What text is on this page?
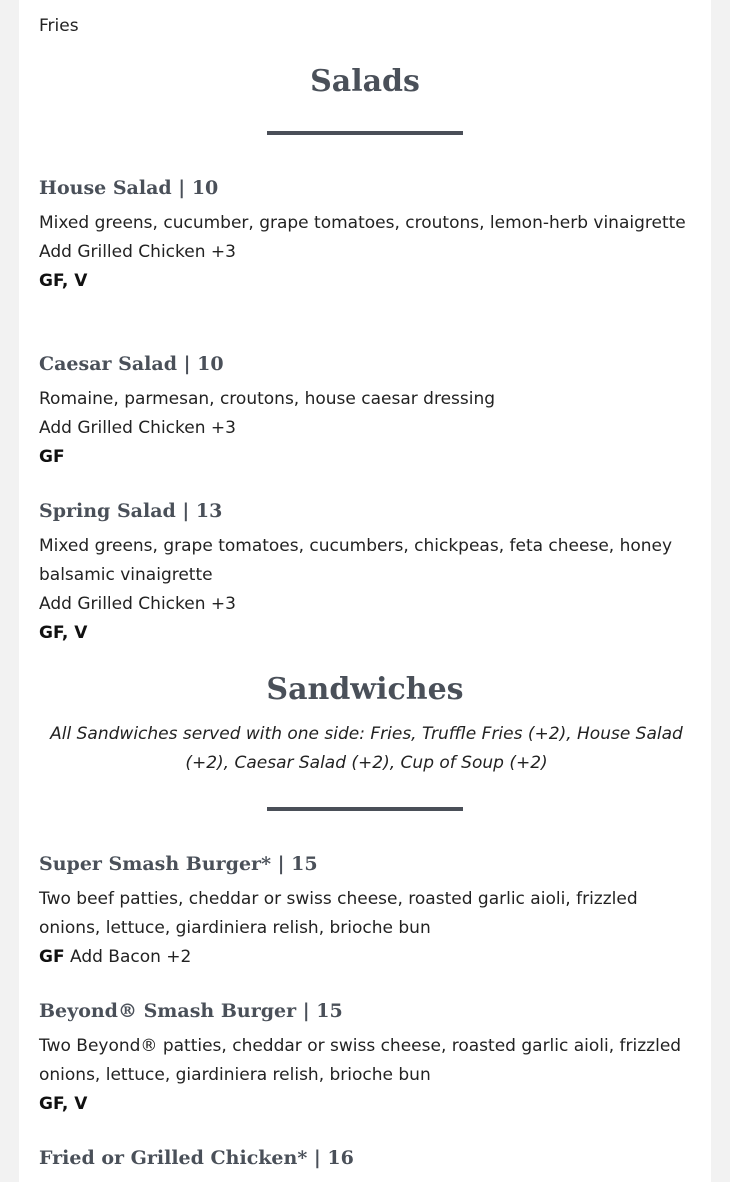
Fries

Salads
House Salad | 10

Mixed greens, cucumber, grape tomatoes, croutons, lemon-herb vinaigrette

Add Grilled Chicken +3

GF, V

Caesar Salad | 10

Romaine, parmesan, croutons, house caesar dressing

Add Grilled Chicken +3

GF

Spring Salad | 13

Mixed greens, grape tomatoes, cucumbers, chickpeas, feta cheese, honey balsamic vinaigrette

Add Grilled Chicken +3

GF, V

Sandwiches

All Sandwiches served with one side: Fries, Truffle Fries (+2), House Salad (+2), Caesar Salad (+2), Cup of Soup (+2)

Super Smash Burger* | 15

Two beef patties, cheddar or swiss cheese, roasted garlic aioli, frizzled onions, lettuce, giardiniera relish, brioche bun

GF Add Bacon +2

Beyond® Smash Burger | 15

Two Beyond® patties, cheddar or swiss cheese, roasted garlic aioli, frizzled onions, lettuce, giardiniera relish, brioche bun

GF, V

Fried or Grilled Chicken* | 16
